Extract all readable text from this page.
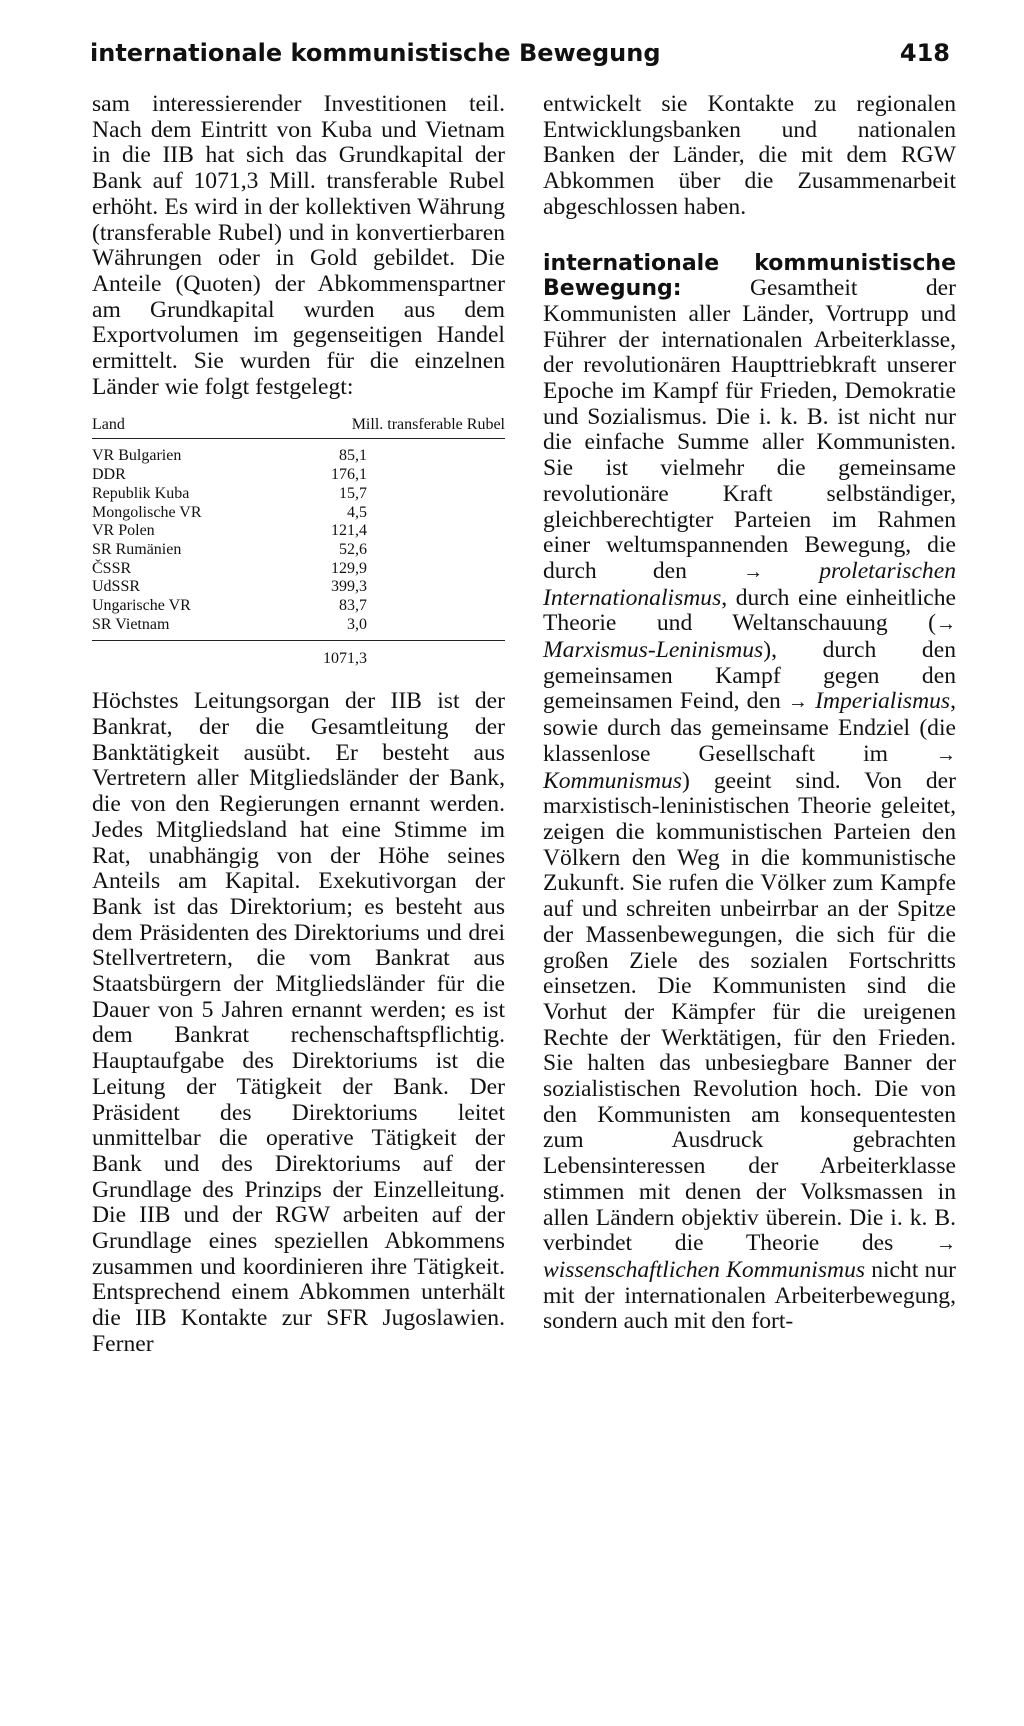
internationale kommunistische Bewegung	418

sam interessierender Investitionen teil. Nach dem Eintritt von Kuba und Vietnam in die IIB hat sich das Grundkapital der Bank auf 1071,3 Mill. transferable Rubel erhöht. Es wird in der kollektiven Währung (transferable Rubel) und in konvertierbaren Währungen oder in Gold gebildet. Die Anteile (Quoten) der Abkommenspartner am Grundkapital wurden aus dem Exportvolumen im gegenseitigen Handel ermittelt. Sie wurden für die einzelnen Länder wie folgt festgelegt:

Land	Mill. transferable Rubel
VR Bulgarien	85,1
DDR	176,1
Republik Kuba	15,7
Mongolische VR	4,5
VR Polen	121,4
SR Rumänien	52,6
ČSSR	129,9
UdSSR	399,3
Ungarische VR	83,7
SR Vietnam	3,0
1071,3

Höchstes Leitungsorgan der IIB ist der Bankrat, der die Gesamtleitung der Banktätigkeit ausübt. Er besteht aus Vertretern aller Mitgliedsländer der Bank, die von den Regierungen ernannt werden. Jedes Mitgliedsland hat eine Stimme im Rat, unabhängig von der Höhe seines Anteils am Kapital. Exekutivorgan der Bank ist das Direktorium; es besteht aus dem Präsidenten des Direktoriums und drei Stellvertretern, die vom Bankrat aus Staatsbürgern der Mitgliedsländer für die Dauer von 5 Jahren ernannt werden; es ist dem Bankrat rechenschaftspflichtig. Hauptaufgabe des Direktoriums ist die Leitung der Tätigkeit der Bank. Der Präsident des Direktoriums leitet unmittelbar die operative Tätigkeit der Bank und des Direktoriums auf der Grundlage des Prinzips der Einzelleitung. Die IIB und der RGW arbeiten auf der Grundlage eines speziellen Abkommens zusammen und koordinieren ihre Tätigkeit. Entsprechend einem Abkommen unterhält die IIB Kontakte zur SFR Jugoslawien. Ferner

entwickelt sie Kontakte zu regionalen Entwicklungsbanken und nationalen Banken der Länder, die mit dem RGW Abkommen über die Zusammenarbeit abgeschlossen haben.

internationale kommunistische Bewegung: Gesamtheit der Kommunisten aller Länder, Vortrupp und Führer der internationalen Arbeiterklasse, der revolutionären Haupttriebkraft unserer Epoche im Kampf für Frieden, Demokratie und Sozialismus. Die i. k. B. ist nicht nur die einfache Summe aller Kommunisten. Sie ist vielmehr die gemeinsame revolutionäre Kraft selbständiger, gleichberechtigter Parteien im Rahmen einer weltumspannenden Bewegung, die durch den → proletarischen Internationalismus, durch eine einheitliche Theorie und Weltanschauung (→ Marxismus-Leninismus), durch den gemeinsamen Kampf gegen den gemeinsamen Feind, den → Imperialismus, sowie durch das gemeinsame Endziel (die klassenlose Gesellschaft im → Kommunismus) geeint sind. Von der marxistisch-leninistischen Theorie geleitet, zeigen die kommunistischen Parteien den Völkern den Weg in die kommunistische Zukunft. Sie rufen die Völker zum Kampfe auf und schreiten unbeirrbar an der Spitze der Massenbewegungen, die sich für die großen Ziele des sozialen Fortschritts einsetzen. Die Kommunisten sind die Vorhut der Kämpfer für die ureigenen Rechte der Werktätigen, für den Frieden. Sie halten das unbesiegbare Banner der sozialistischen Revolution hoch. Die von den Kommunisten am konsequentesten zum Ausdruck gebrachten Lebensinteressen der Arbeiterklasse stimmen mit denen der Volksmassen in allen Ländern objektiv überein. Die i. k. B. verbindet die Theorie des → wissenschaftlichen Kommunismus nicht nur mit der internationalen Arbeiterbewegung, sondern auch mit den fort-
